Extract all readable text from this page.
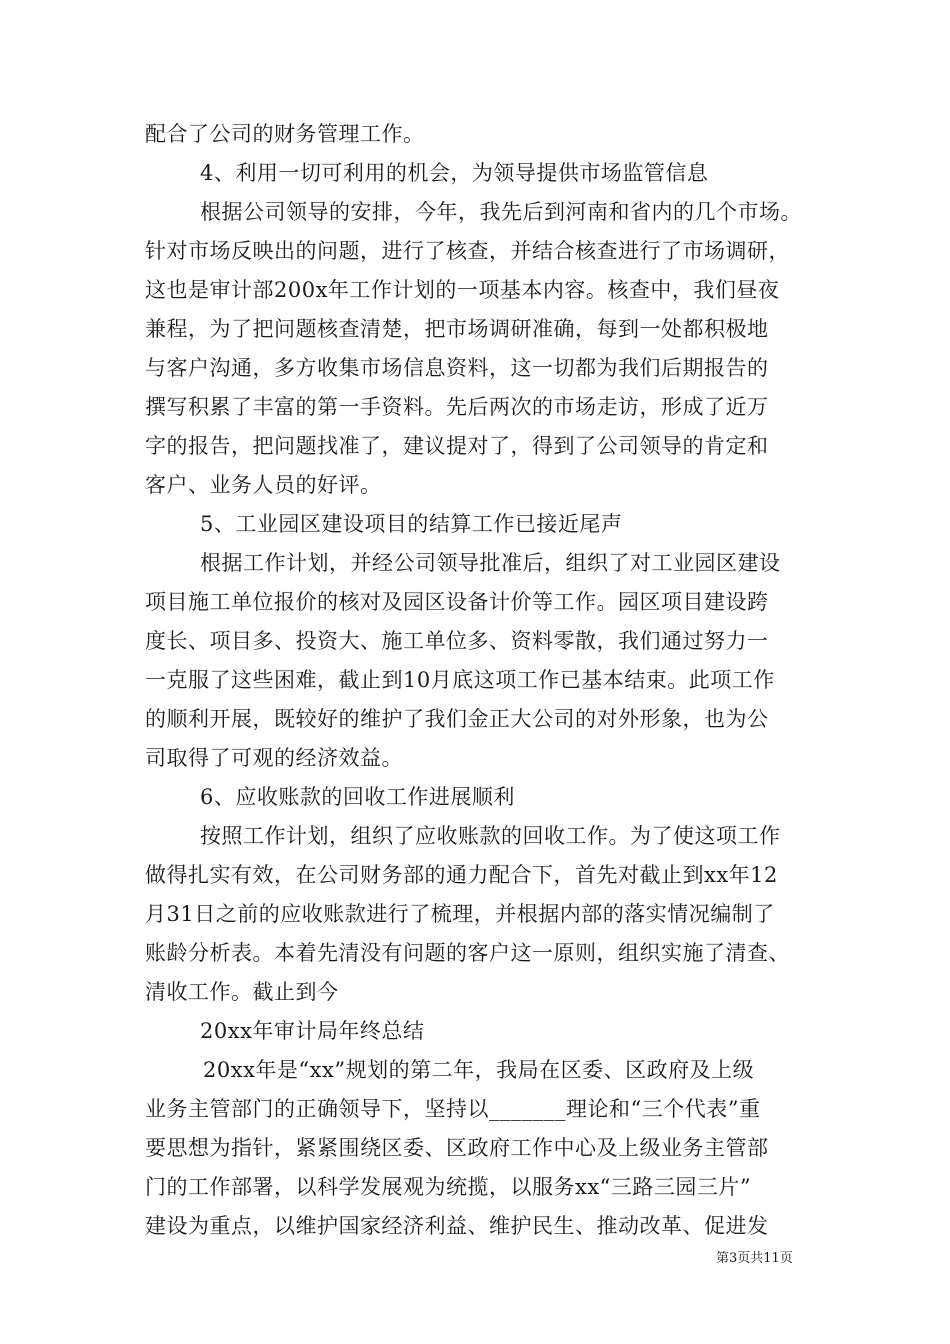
配合了公司的财务管理工作。
4、利用一切可利用的机会，为领导提供市场监管信息
根据公司领导的安排，今年，我先后到河南和省内的几个市场。
针对市场反映出的问题，进行了核查，并结合核查进行了市场调研，
这也是审计部200x年工作计划的一项基本内容。核查中，我们昼夜
兼程，为了把问题核查清楚，把市场调研准确，每到一处都积极地
与客户沟通，多方收集市场信息资料，这一切都为我们后期报告的
撰写积累了丰富的第一手资料。先后两次的市场走访，形成了近万
字的报告，把问题找准了，建议提对了，得到了公司领导的肯定和
客户、业务人员的好评。
5、工业园区建设项目的结算工作已接近尾声
根据工作计划，并经公司领导批准后，组织了对工业园区建设
项目施工单位报价的核对及园区设备计价等工作。园区项目建设跨
度长、项目多、投资大、施工单位多、资料零散，我们通过努力一
一克服了这些困难，截止到10月底这项工作已基本结束。此项工作
的顺利开展，既较好的维护了我们金正大公司的对外形象，也为公
司取得了可观的经济效益。
6、应收账款的回收工作进展顺利
按照工作计划，组织了应收账款的回收工作。为了使这项工作
做得扎实有效，在公司财务部的通力配合下，首先对截止到xx年12
月31日之前的应收账款进行了梳理，并根据内部的落实情况编制了
账龄分析表。本着先清没有问题的客户这一原则，组织实施了清查、
清收工作。截止到今
20xx年审计局年终总结
20xx年是“xx”规划的第二年，我局在区委、区政府及上级
业务主管部门的正确领导下，坚持以_______理论和“三个代表”重
要思想为指针，紧紧围绕区委、区政府工作中心及上级业务主管部
门的工作部署，以科学发展观为统揽，以服务xx“三路三园三片”
建设为重点，以维护国家经济利益、维护民生、推动改革、促进发
第3页共11页
